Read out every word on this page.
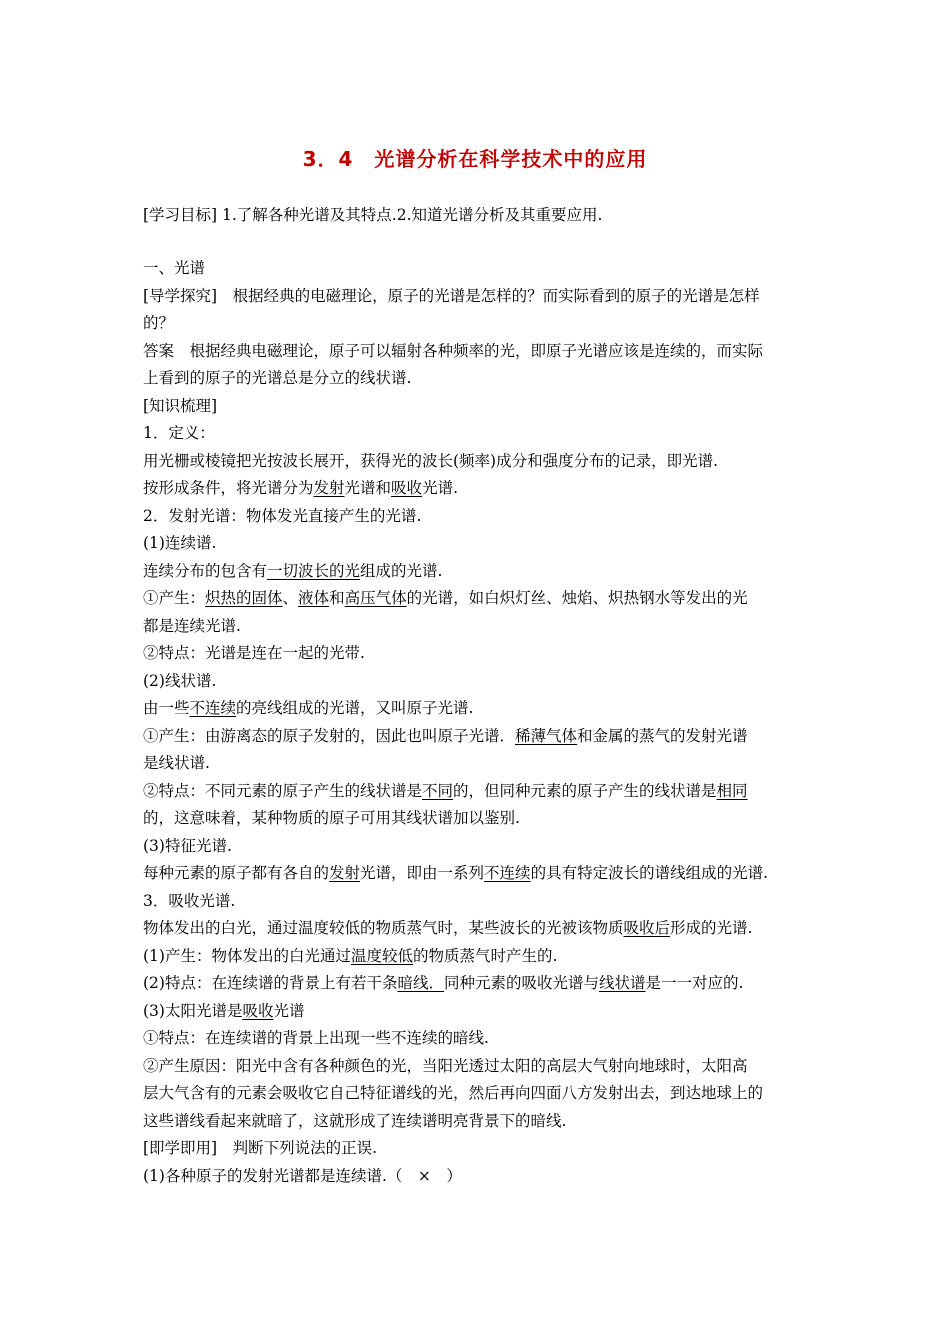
3．4　光谱分析在科学技术中的应用
[学习目标] 1.了解各种光谱及其特点.2.知道光谱分析及其重要应用.
一、光谱
[导学探究]　根据经典的电磁理论，原子的光谱是怎样的？而实际看到的原子的光谱是怎样
的？
答案　根据经典电磁理论，原子可以辐射各种频率的光，即原子光谱应该是连续的，而实际
上看到的原子的光谱总是分立的线状谱.
[知识梳理]
1．定义：
用光栅或棱镜把光按波长展开，获得光的波长(频率)成分和强度分布的记录，即光谱.
按形成条件，将光谱分为发射光谱和吸收光谱.
2．发射光谱：物体发光直接产生的光谱.
(1)连续谱.
连续分布的包含有一切波长的光组成的光谱.
①产生：炽热的固体、液体和高压气体的光谱，如白炽灯丝、烛焰、炽热钢水等发出的光
都是连续光谱.
②特点：光谱是连在一起的光带.
(2)线状谱.
由一些不连续的亮线组成的光谱，又叫原子光谱.
①产生：由游离态的原子发射的，因此也叫原子光谱．稀薄气体和金属的蒸气的发射光谱
是线状谱.
②特点：不同元素的原子产生的线状谱是不同的，但同种元素的原子产生的线状谱是相同
的，这意味着，某种物质的原子可用其线状谱加以鉴别.
(3)特征光谱.
每种元素的原子都有各自的发射光谱，即由一系列不连续的具有特定波长的谱线组成的光谱.
3．吸收光谱.
物体发出的白光，通过温度较低的物质蒸气时，某些波长的光被该物质吸收后形成的光谱.
(1)产生：物体发出的白光通过温度较低的物质蒸气时产生的.
(2)特点：在连续谱的背景上有若干条暗线．同种元素的吸收光谱与线状谱是一一对应的.
(3)太阳光谱是吸收光谱
①特点：在连续谱的背景上出现一些不连续的暗线.
②产生原因：阳光中含有各种颜色的光，当阳光透过太阳的高层大气射向地球时，太阳高
层大气含有的元素会吸收它自己特征谱线的光，然后再向四面八方发射出去，到达地球上的
这些谱线看起来就暗了，这就形成了连续谱明亮背景下的暗线.
[即学即用]　判断下列说法的正误.
(1)各种原子的发射光谱都是连续谱.（　×　）
